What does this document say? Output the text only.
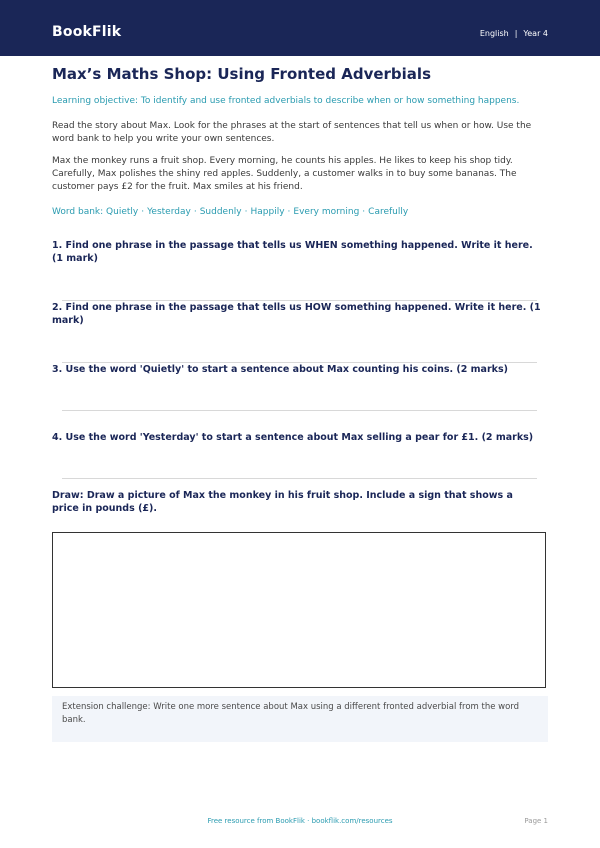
BookFlik	English | Year 4
Max’s Maths Shop: Using Fronted Adverbials
Learning objective: To identify and use fronted adverbials to describe when or how something happens.
Read the story about Max. Look for the phrases at the start of sentences that tell us when or how. Use the word bank to help you write your own sentences.
Max the monkey runs a fruit shop. Every morning, he counts his apples. He likes to keep his shop tidy. Carefully, Max polishes the shiny red apples. Suddenly, a customer walks in to buy some bananas. The customer pays £2 for the fruit. Max smiles at his friend.
Word bank: Quietly · Yesterday · Suddenly · Happily · Every morning · Carefully
1. Find one phrase in the passage that tells us WHEN something happened. Write it here. (1 mark)
2. Find one phrase in the passage that tells us HOW something happened. Write it here. (1 mark)
3. Use the word 'Quietly' to start a sentence about Max counting his coins. (2 marks)
4. Use the word 'Yesterday' to start a sentence about Max selling a pear for £1. (2 marks)
Draw: Draw a picture of Max the monkey in his fruit shop. Include a sign that shows a price in pounds (£).
Extension challenge: Write one more sentence about Max using a different fronted adverbial from the word bank.
Free resource from BookFlik · bookflik.com/resources	Page 1
